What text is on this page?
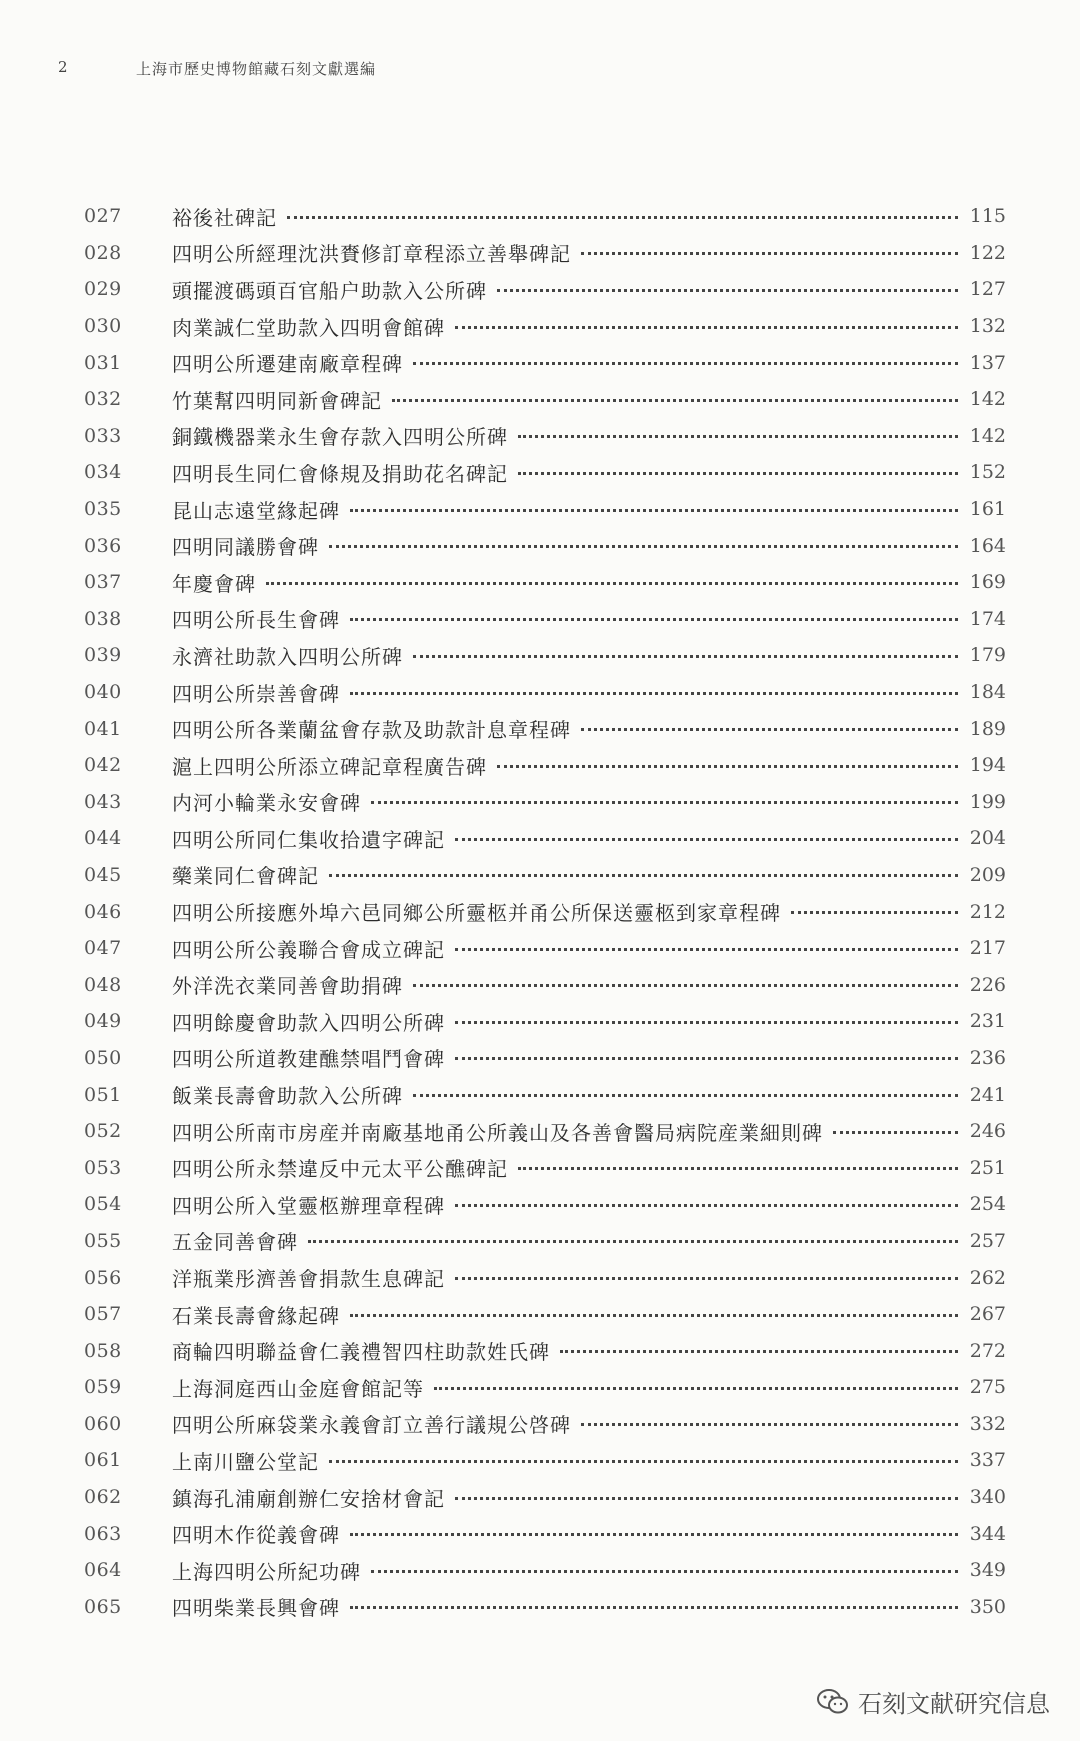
2	上海市歷史博物館藏石刻文獻選編
027	裕後社碑記	115
028	四明公所經理沈洪賚修訂章程添立善舉碑記	122
029	頭擺渡碼頭百官船户助款入公所碑	127
030	肉業誠仁堂助款入四明會館碑	132
031	四明公所遷建南廠章程碑	137
032	竹葉幫四明同新會碑記	142
033	銅鐵機器業永生會存款入四明公所碑	142
034	四明長生同仁會條規及捐助花名碑記	152
035	昆山志遠堂緣起碑	161
036	四明同議勝會碑	164
037	年慶會碑	169
038	四明公所長生會碑	174
039	永濟社助款入四明公所碑	179
040	四明公所崇善會碑	184
041	四明公所各業蘭盆會存款及助款計息章程碑	189
042	滬上四明公所添立碑記章程廣告碑	194
043	内河小輪業永安會碑	199
044	四明公所同仁集收拾遺字碑記	204
045	藥業同仁會碑記	209
046	四明公所接應外埠六邑同鄉公所靈柩并甬公所保送靈柩到家章程碑	212
047	四明公所公義聯合會成立碑記	217
048	外洋洗衣業同善會助捐碑	226
049	四明餘慶會助款入四明公所碑	231
050	四明公所道教建醮禁唱鬥會碑	236
051	飯業長壽會助款入公所碑	241
052	四明公所南市房産并南廠基地甬公所義山及各善會醫局病院産業細則碑	246
053	四明公所永禁違反中元太平公醮碑記	251
054	四明公所入堂靈柩辦理章程碑	254
055	五金同善會碑	257
056	洋瓶業彤濟善會捐款生息碑記	262
057	石業長壽會緣起碑	267
058	商輪四明聯益會仁義禮智四柱助款姓氏碑	272
059	上海洞庭西山金庭會館記等	275
060	四明公所麻袋業永義會訂立善行議規公啓碑	332
061	上南川鹽公堂記	337
062	鎮海孔浦廟創辦仁安捨材會記	340
063	四明木作從義會碑	344
064	上海四明公所紀功碑	349
065	四明柴業長興會碑	350
石刻文献研究信息
